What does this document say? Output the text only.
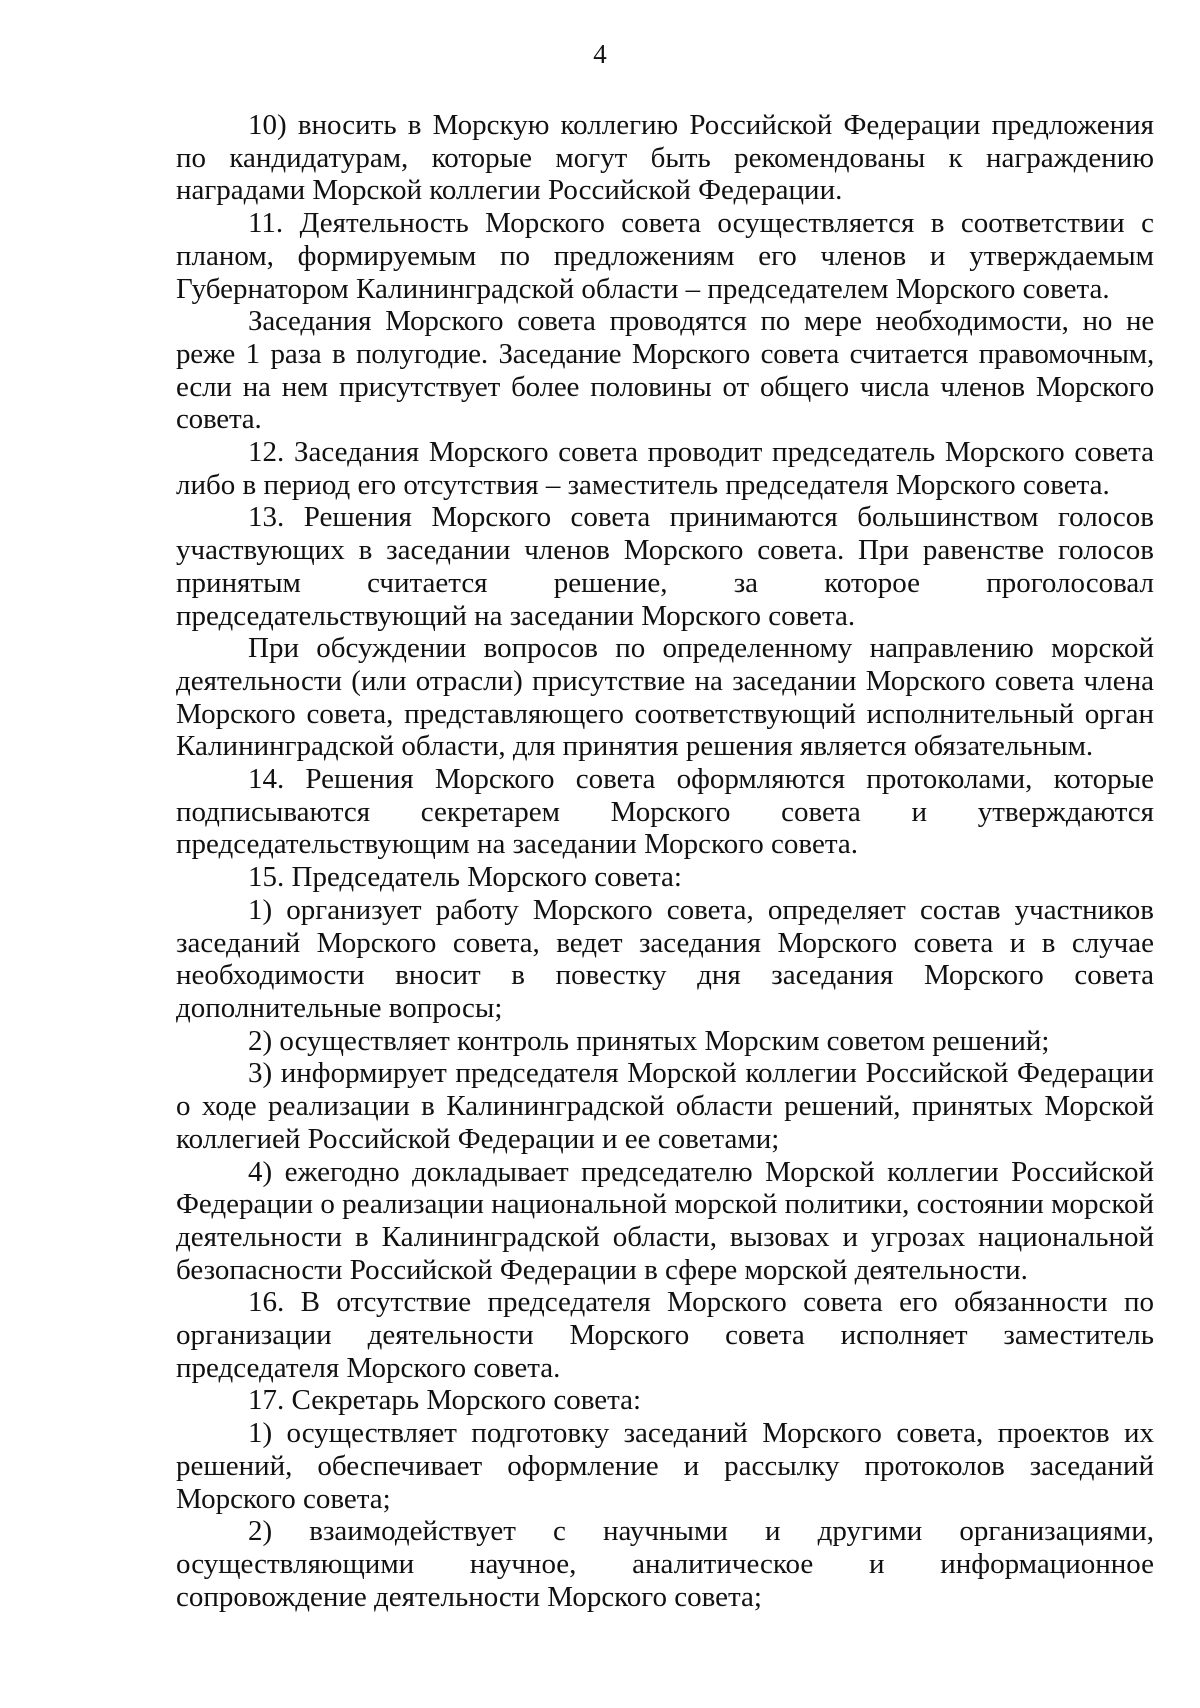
4

10) вносить в Морскую коллегию Российской Федерации предложения по кандидатурам, которые могут быть рекомендованы к награждению наградами Морской коллегии Российской Федерации.

11. Деятельность Морского совета осуществляется в соответствии с планом, формируемым по предложениям его членов и утверждаемым Губернатором Калининградской области – председателем Морского совета.

Заседания Морского совета проводятся по мере необходимости, но не реже 1 раза в полугодие. Заседание Морского совета считается правомочным, если на нем присутствует более половины от общего числа членов Морского совета.

12. Заседания Морского совета проводит председатель Морского совета либо в период его отсутствия – заместитель председателя Морского совета.

13. Решения Морского совета принимаются большинством голосов участвующих в заседании членов Морского совета. При равенстве голосов принятым считается решение, за которое проголосовал председательствующий на заседании Морского совета.

При обсуждении вопросов по определенному направлению морской деятельности (или отрасли) присутствие на заседании Морского совета члена Морского совета, представляющего соответствующий исполнительный орган Калининградской области, для принятия решения является обязательным.

14. Решения Морского совета оформляются протоколами, которые подписываются секретарем Морского совета и утверждаются председательствующим на заседании Морского совета.

15. Председатель Морского совета:

1) организует работу Морского совета, определяет состав участников заседаний Морского совета, ведет заседания Морского совета и в случае необходимости вносит в повестку дня заседания Морского совета дополнительные вопросы;

2) осуществляет контроль принятых Морским советом решений;

3) информирует председателя Морской коллегии Российской Федерации о ходе реализации в Калининградской области решений, принятых Морской коллегией Российской Федерации и ее советами;

4) ежегодно докладывает председателю Морской коллегии Российской Федерации о реализации национальной морской политики, состоянии морской деятельности в Калининградской области, вызовах и угрозах национальной безопасности Российской Федерации в сфере морской деятельности.

16. В отсутствие председателя Морского совета его обязанности по организации деятельности Морского совета исполняет заместитель председателя Морского совета.

17. Секретарь Морского совета:

1) осуществляет подготовку заседаний Морского совета, проектов их решений, обеспечивает оформление и рассылку протоколов заседаний Морского совета;

2) взаимодействует с научными и другими организациями, осуществляющими научное, аналитическое и информационное сопровождение деятельности Морского совета;
